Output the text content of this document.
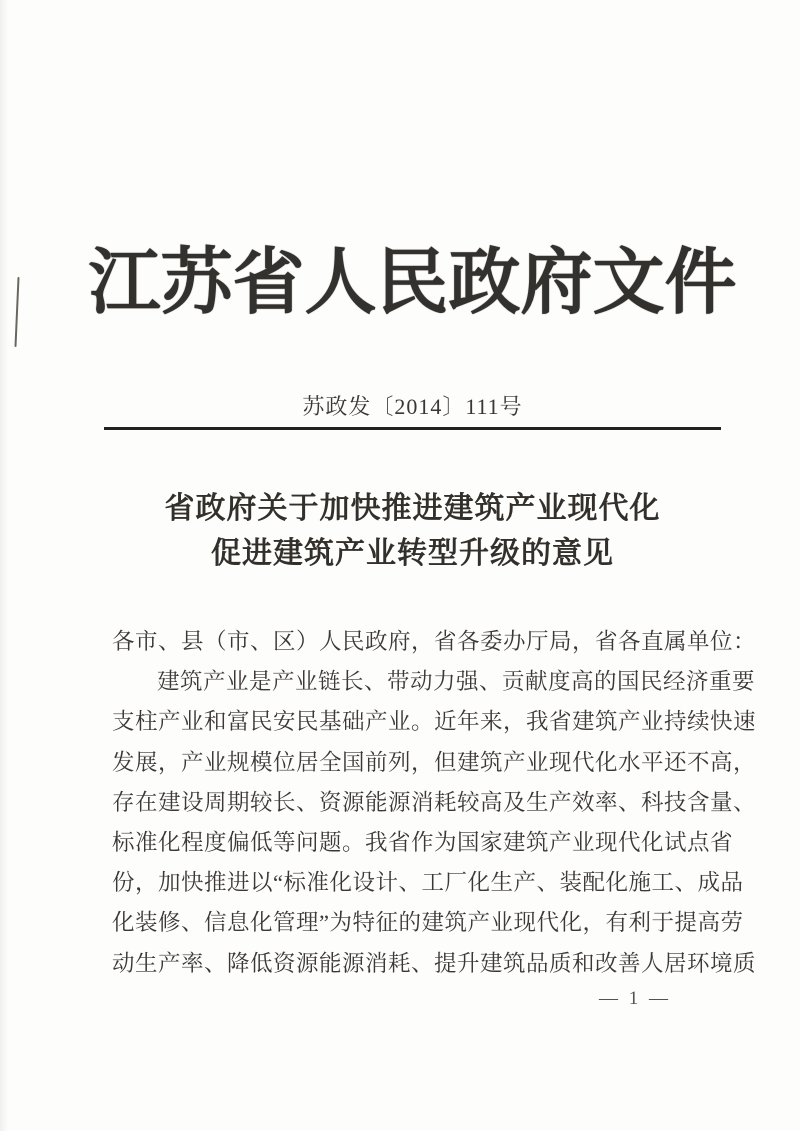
江苏省人民政府文件
苏政发〔2014〕111号
省政府关于加快推进建筑产业现代化
促进建筑产业转型升级的意见
各市、县（市、区）人民政府，省各委办厅局，省各直属单位：
建筑产业是产业链长、带动力强、贡献度高的国民经济重要
支柱产业和富民安民基础产业。近年来，我省建筑产业持续快速
发展，产业规模位居全国前列，但建筑产业现代化水平还不高，
存在建设周期较长、资源能源消耗较高及生产效率、科技含量、
标准化程度偏低等问题。我省作为国家建筑产业现代化试点省
份，加快推进以“标准化设计、工厂化生产、装配化施工、成品
化装修、信息化管理”为特征的建筑产业现代化，有利于提高劳
动生产率、降低资源能源消耗、提升建筑品质和改善人居环境质
— 1 —
